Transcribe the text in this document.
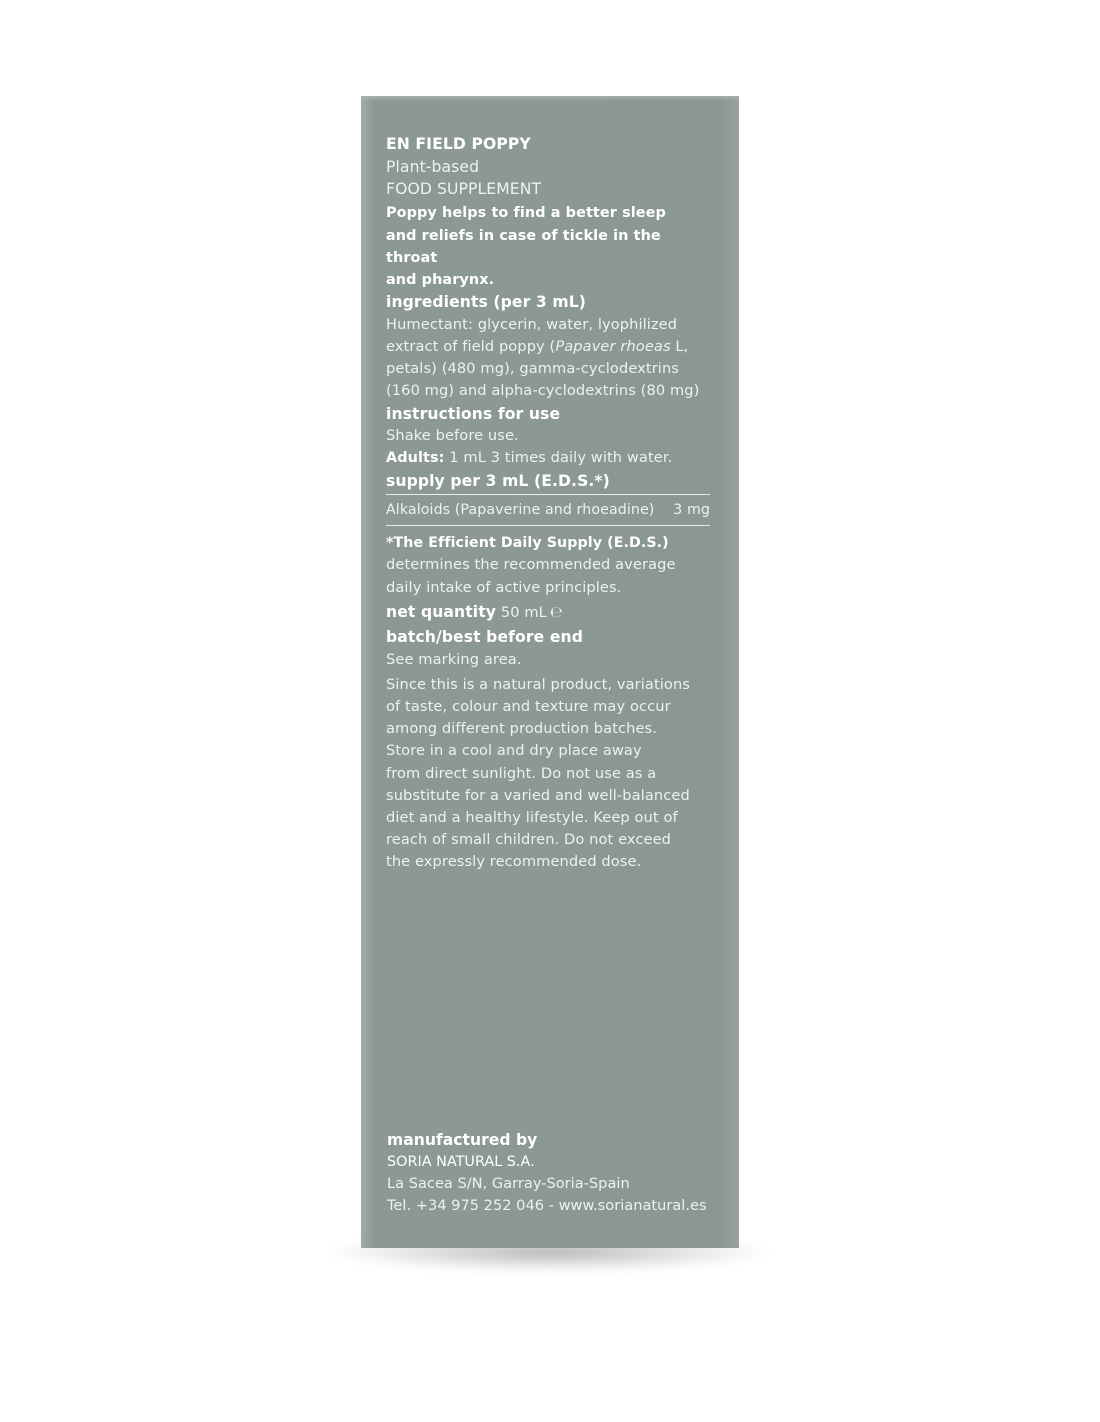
EN FIELD POPPY

Plant-based

FOOD SUPPLEMENT

Poppy helps to find a better sleep

and reliefs in case of tickle in the throat

and pharynx.

ingredients (per 3 mL)

Humectant: glycerin, water, lyophilized

extract of field poppy (Papaver rhoeas L,

petals) (480 mg), gamma-cyclodextrins

(160 mg) and alpha-cyclodextrins (80 mg)

instructions for use

Shake before use.

Adults: 1 mL 3 times daily with water.

supply per 3 mL (E.D.S.*)

Alkaloids (Papaverine and rhoeadine) 3 mg

*The Efficient Daily Supply (E.D.S.)

determines the recommended average

daily intake of active principles.

net quantity 50 mL ℮

batch/best before end

See marking area.

Since this is a natural product, variations

of taste, colour and texture may occur

among different production batches.

Store in a cool and dry place away

from direct sunlight. Do not use as a

substitute for a varied and well-balanced

diet and a healthy lifestyle. Keep out of

reach of small children. Do not exceed

the expressly recommended dose.

manufactured by

SORIA NATURAL S.A.

La Sacea S/N, Garray-Soria-Spain

Tel. +34 975 252 046 - www.sorianatural.es
